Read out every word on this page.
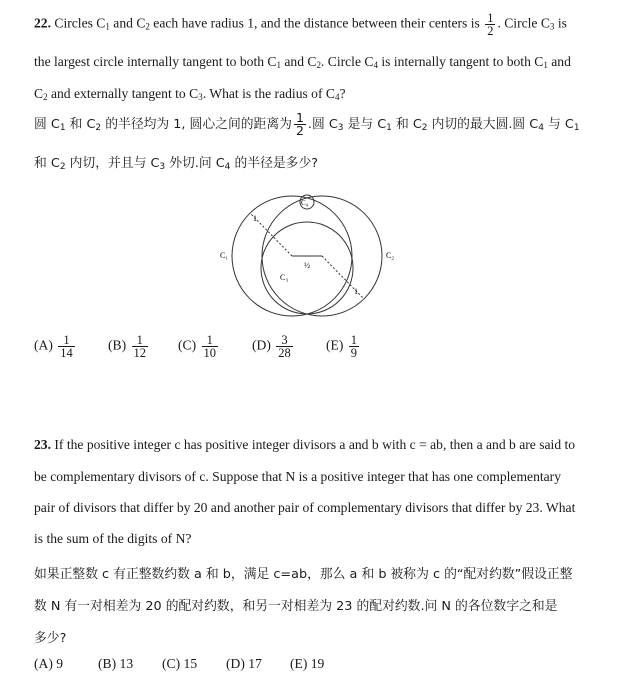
22. Circles $C_1$ and $C_2$ each have radius 1, and the distance between their centers is $\frac{1}{2}$ . Circle $C_3$ is
the largest circle internally tangent to both $C_1$ and $C_2$. Circle $C_4$ is internally tangent to both $C_1$ and
$C_2$ and externally tangent to $C_3$. What is the radius of $C_4$?
圆 $C_1$ 和 $C_2$ 的半径均为 1, 圆心之间的距离为 $\frac{1}{2}$ .圆 $C_3$ 是与 $C_1$ 和 $C_2$ 内切的最大圆.圆 $C_4$ 与 $C_1$
和 $C_2$ 内切，并且与 $C_3$ 外切.问 $C_4$ 的半径是多少?
C₄
1
C₁	C₂
½
C₃
1
$(A) \frac{1}{14} (B) \frac{1}{12} (C) \frac{1}{10} (D) \frac{3}{28} (E) \frac{1}{9}$
23. If the positive integer c has positive integer divisors a and b with c = ab, then a and b are said to
be complementary divisors of c. Suppose that N is a positive integer that has one complementary
pair of divisors that differ by 20 and another pair of complementary divisors that differ by 23. What
is the sum of the digits of N?
如果正整数 c 有正整数约数 a 和 b，满足 c=ab，那么 a 和 b 被称为 c 的“配对约数”假设正整
数 N 有一对相差为 20 的配对约数，和另一对相差为 23 的配对约数.问 N 的各位数字之和是
多少?
(A) 9	(B) 13 (C) 15 (D) 17 (E) 19
